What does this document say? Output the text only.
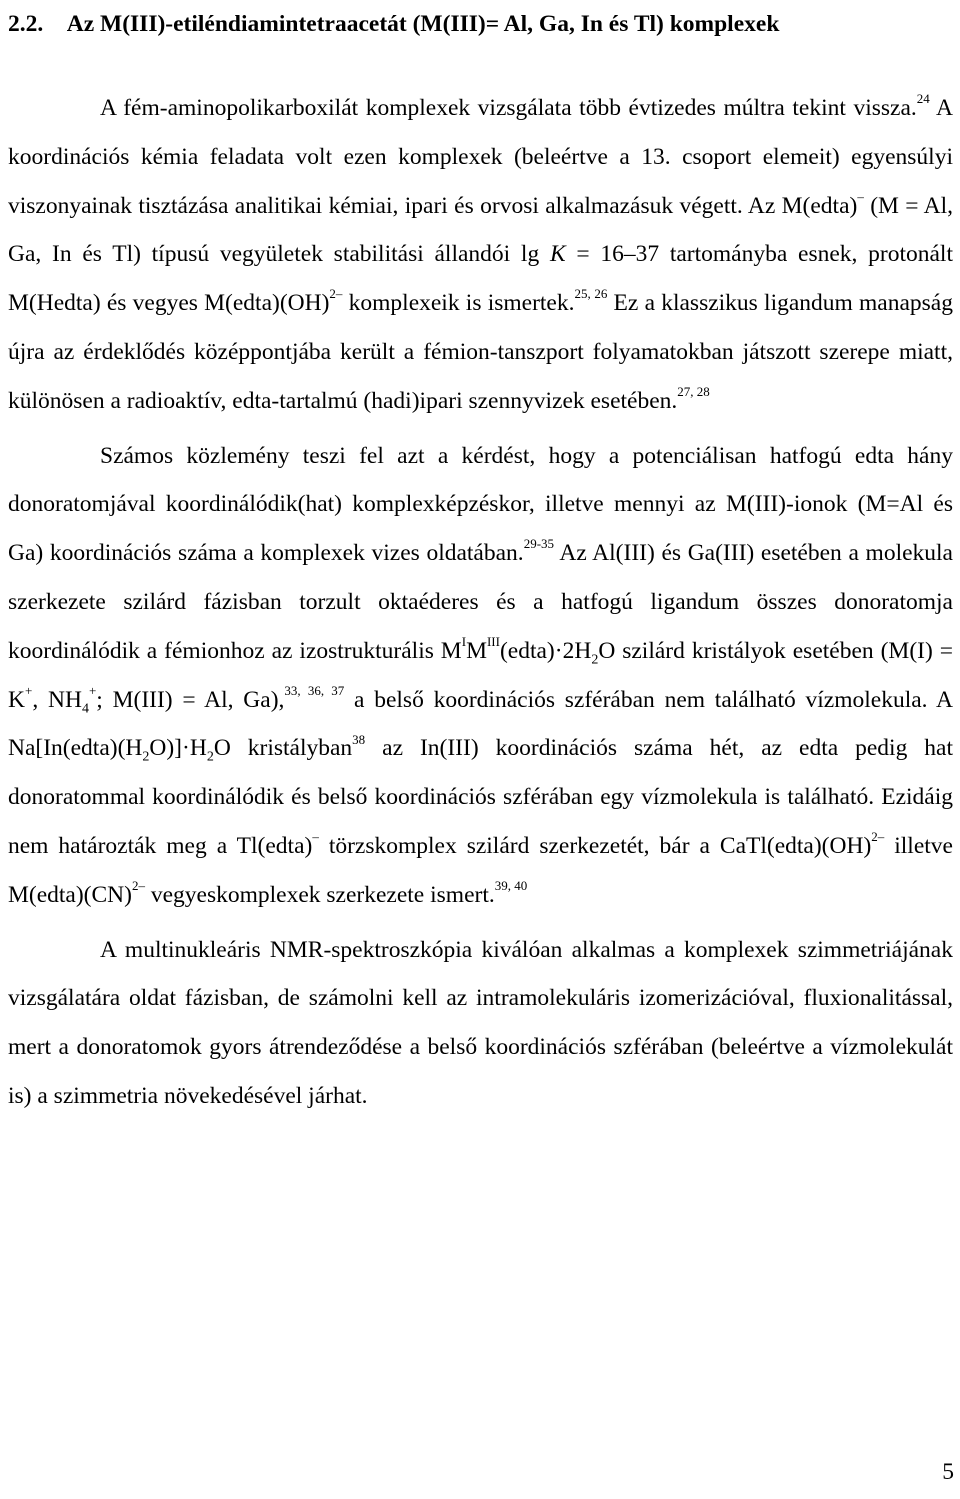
2.2. Az M(III)-etiléndiamintetraacetát (M(III)= Al, Ga, In és Tl) komplexek

A fém-aminopolikarboxilát komplexek vizsgálata több évtizedes múltra tekint vissza.$^{24}$ A koordinációs kémia feladata volt ezen komplexek (beleértve a 13. csoport elemeit) egyensúlyi viszonyainak tisztázása analitikai kémiai, ipari és orvosi alkalmazásuk végett. Az M(edta)– (M = Al, Ga, In és Tl) típusú vegyületek stabilitási állandói lg K = 16–37 tartományba esnek, protonált M(Hedta) és vegyes M(edta)(OH)$^{2-}$ komplexeik is ismertek.$^{25, 26}$ Ez a klasszikus ligandum manapság újra az érdeklődés középpontjába került a fémion-tanszport folyamatokban játszott szerepe miatt, különösen a radioaktív, edta-tartalmú (hadi)ipari szennyvizek esetében.$^{27, 28}$

Számos közlemény teszi fel azt a kérdést, hogy a potenciálisan hatfogú edta hány donoratomjával koordinálódik(hat) komplexképzéskor, illetve mennyi az M(III)-ionok (M=Al és Ga) koordinációs száma a komplexek vizes oldatában.$^{29-35}$ Az Al(III) és Ga(III) esetében a molekula szerkezete szilárd fázisban torzult oktaéderes és a hatfogú ligandum összes donoratomja koordinálódik a fémionhoz az izostrukturális $M^IM^{III}(edta)\cdot 2H_2O$ szilárd kristályok esetében (M(I) = K+, $NH_4^+$; M(III) = Al, Ga),$^{33, 36, 37}$ a belső koordinációs szférában nem található vízmolekula. A $Na[In(edta)(H_2O)]\cdot H_2O$ kristályban$^{38}$ az In(III) koordinációs száma hét, az edta pedig hat donoratommal koordinálódik és belső koordinációs szférában egy vízmolekula is található. Ezidáig nem határozták meg a Tl(edta)– törzskomplex szilárd szerkezetét, bár a CaTl(edta)(OH)$^{2-}$ illetve M(edta)(CN)$^{2-}$ vegyeskomplexek szerkezete ismert.$^{39, 40}$

A multinukleáris NMR-spektroszkópia kiválóan alkalmas a komplexek szimmetriájának vizsgálatára oldat fázisban, de számolni kell az intramolekuláris izomerizációval, fluxionalitással, mert a donoratomok gyors átrendeződése a belső koordinációs szférában (beleértve a vízmolekulát is) a szimmetria növekedésével járhat.

5
